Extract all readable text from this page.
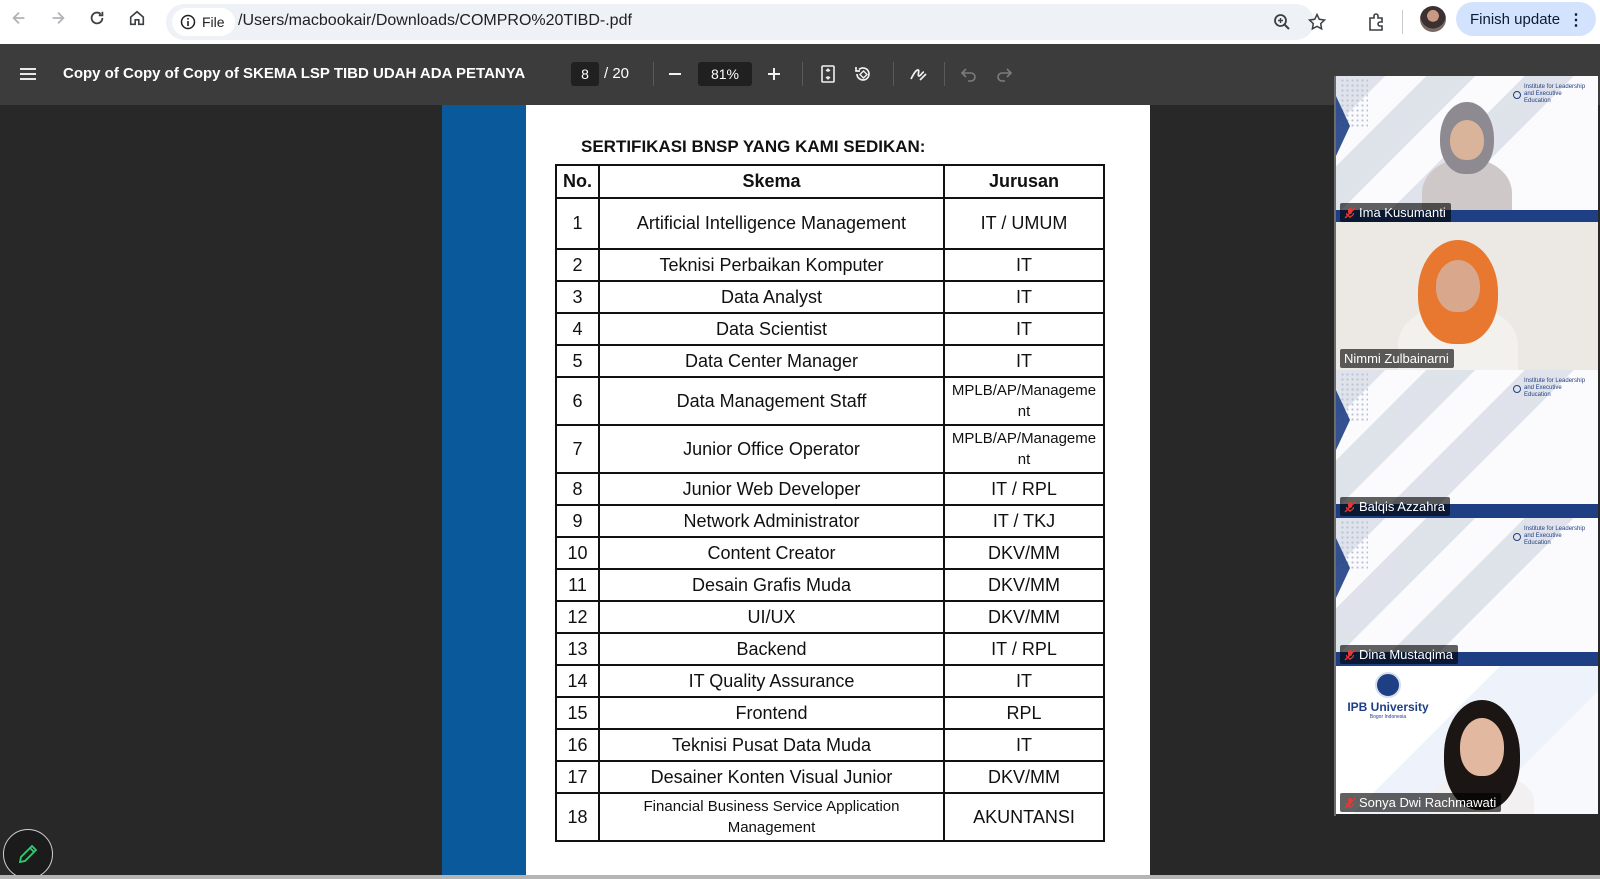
File /Users/macbookair/Downloads/COMPRO%20TIBD-.pdf	Finish update ⋮
Copy of Copy of Copy of SKEMA LSP TIBD UDAH ADA PETANYA	8	/ 20	81%
SERTIFIKASI BNSP YANG KAMI SEDIKAN:
No.	Skema	Jurusan
1	Artificial Intelligence Management	IT / UMUM
2	Teknisi Perbaikan Komputer	IT
3	Data Analyst	IT
4	Data Scientist	IT
5	Data Center Manager	IT
6	Data Management Staff	MPLB/AP/Manageme nt
7	Junior Office Operator	MPLB/AP/Manageme nt
8	Junior Web Developer	IT / RPL
9	Network Administrator	IT / TKJ
10	Content Creator	DKV/MM
11	Desain Grafis Muda	DKV/MM
12	UI/UX	DKV/MM
13	Backend	IT / RPL
14	IT Quality Assurance	IT
15	Frontend	RPL
16	Teknisi Pusat Data Muda	IT
17	Desainer Konten Visual Junior	DKV/MM
18	Financial Business Service Application Management	AKUNTANSI
Institute for Leadership and Executive Education
Ima Kusumanti
Nimmi Zulbainarni
Institute for Leadership and Executive Education
Balqis Azzahra
Institute for Leadership and Executive Education
Dina Mustaqima
IPB University
Bogor Indonesia
Sonya Dwi Rachmawati
